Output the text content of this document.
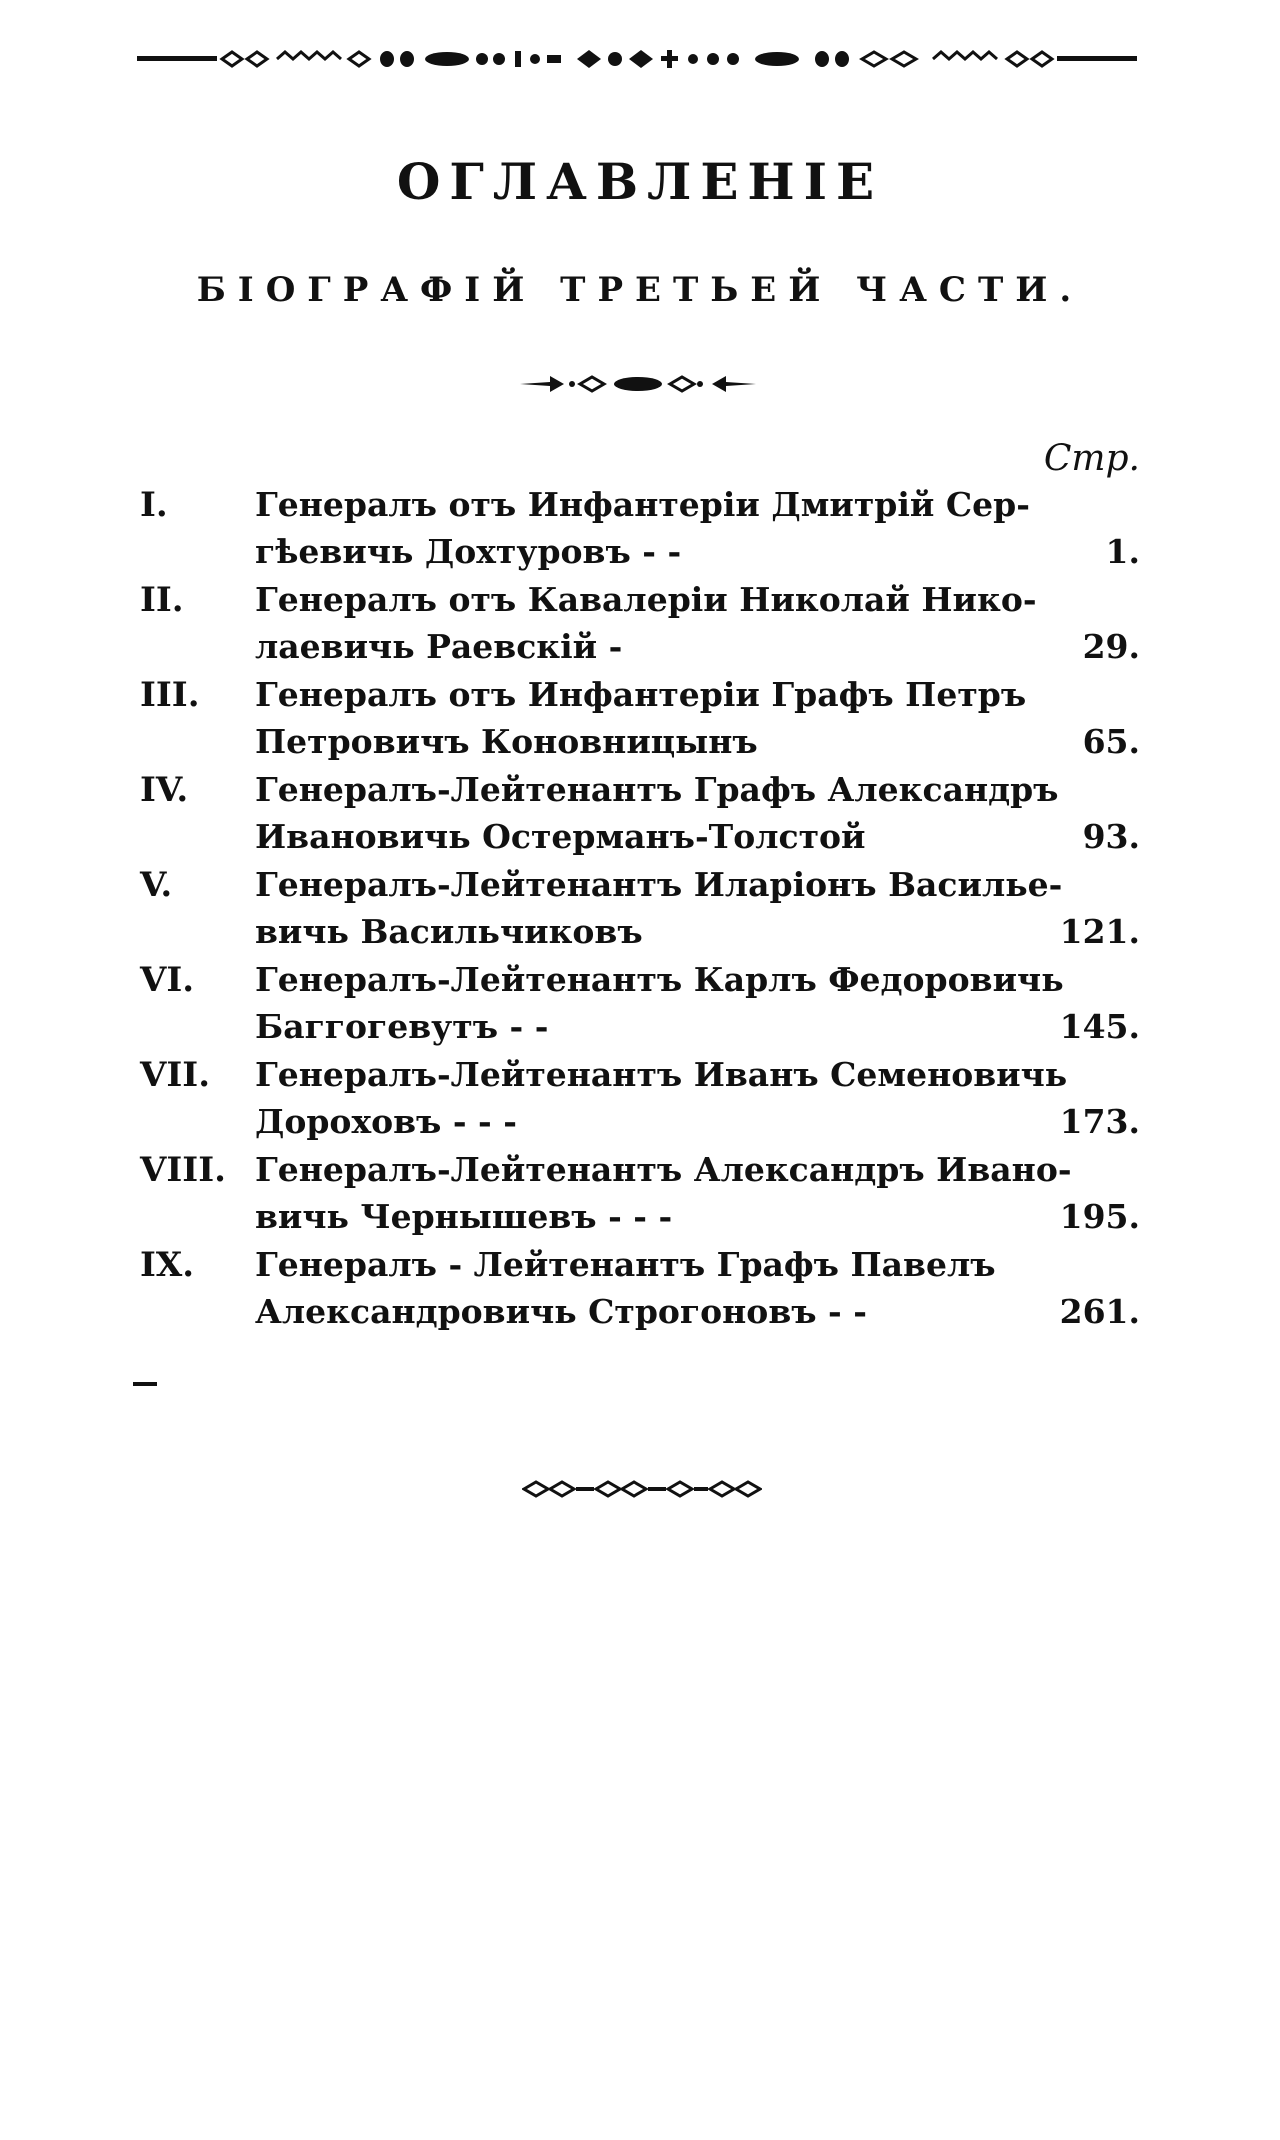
ОГЛАВЛЕНІЕ
БІОГРАФІЙ ТРЕТЬЕЙ ЧАСТИ.
Стр.
I.	Генералъ отъ Инфантеріи Дмитрій Сер-
гѣевичь Дохтуровъ - -	1.
II.	Генералъ отъ Кавалеріи Николай Нико-
лаевичь Раевскій -	29.
III.	Генералъ отъ Инфантеріи Графъ Петръ
Петровичъ Коновницынъ	65.
IV.	Генералъ-Лейтенантъ Графъ Александръ
Ивановичь Остерманъ-Толстой	93.
V.	Генералъ-Лейтенантъ Иларіонъ Василье-
вичь Васильчиковъ	121.
VI.	Генералъ-Лейтенантъ Карлъ Федоровичь
Баггогевутъ - -	145.
VII.	Генералъ-Лейтенантъ Иванъ Семеновичь
Дороховъ - - -	173.
VIII. Генералъ-Лейтенантъ Александръ Ивано-
вичь Чернышевъ - - -	195.
IX.	Генералъ - Лейтенантъ Графъ Павелъ
Александровичь Строгоновъ - -	261.
